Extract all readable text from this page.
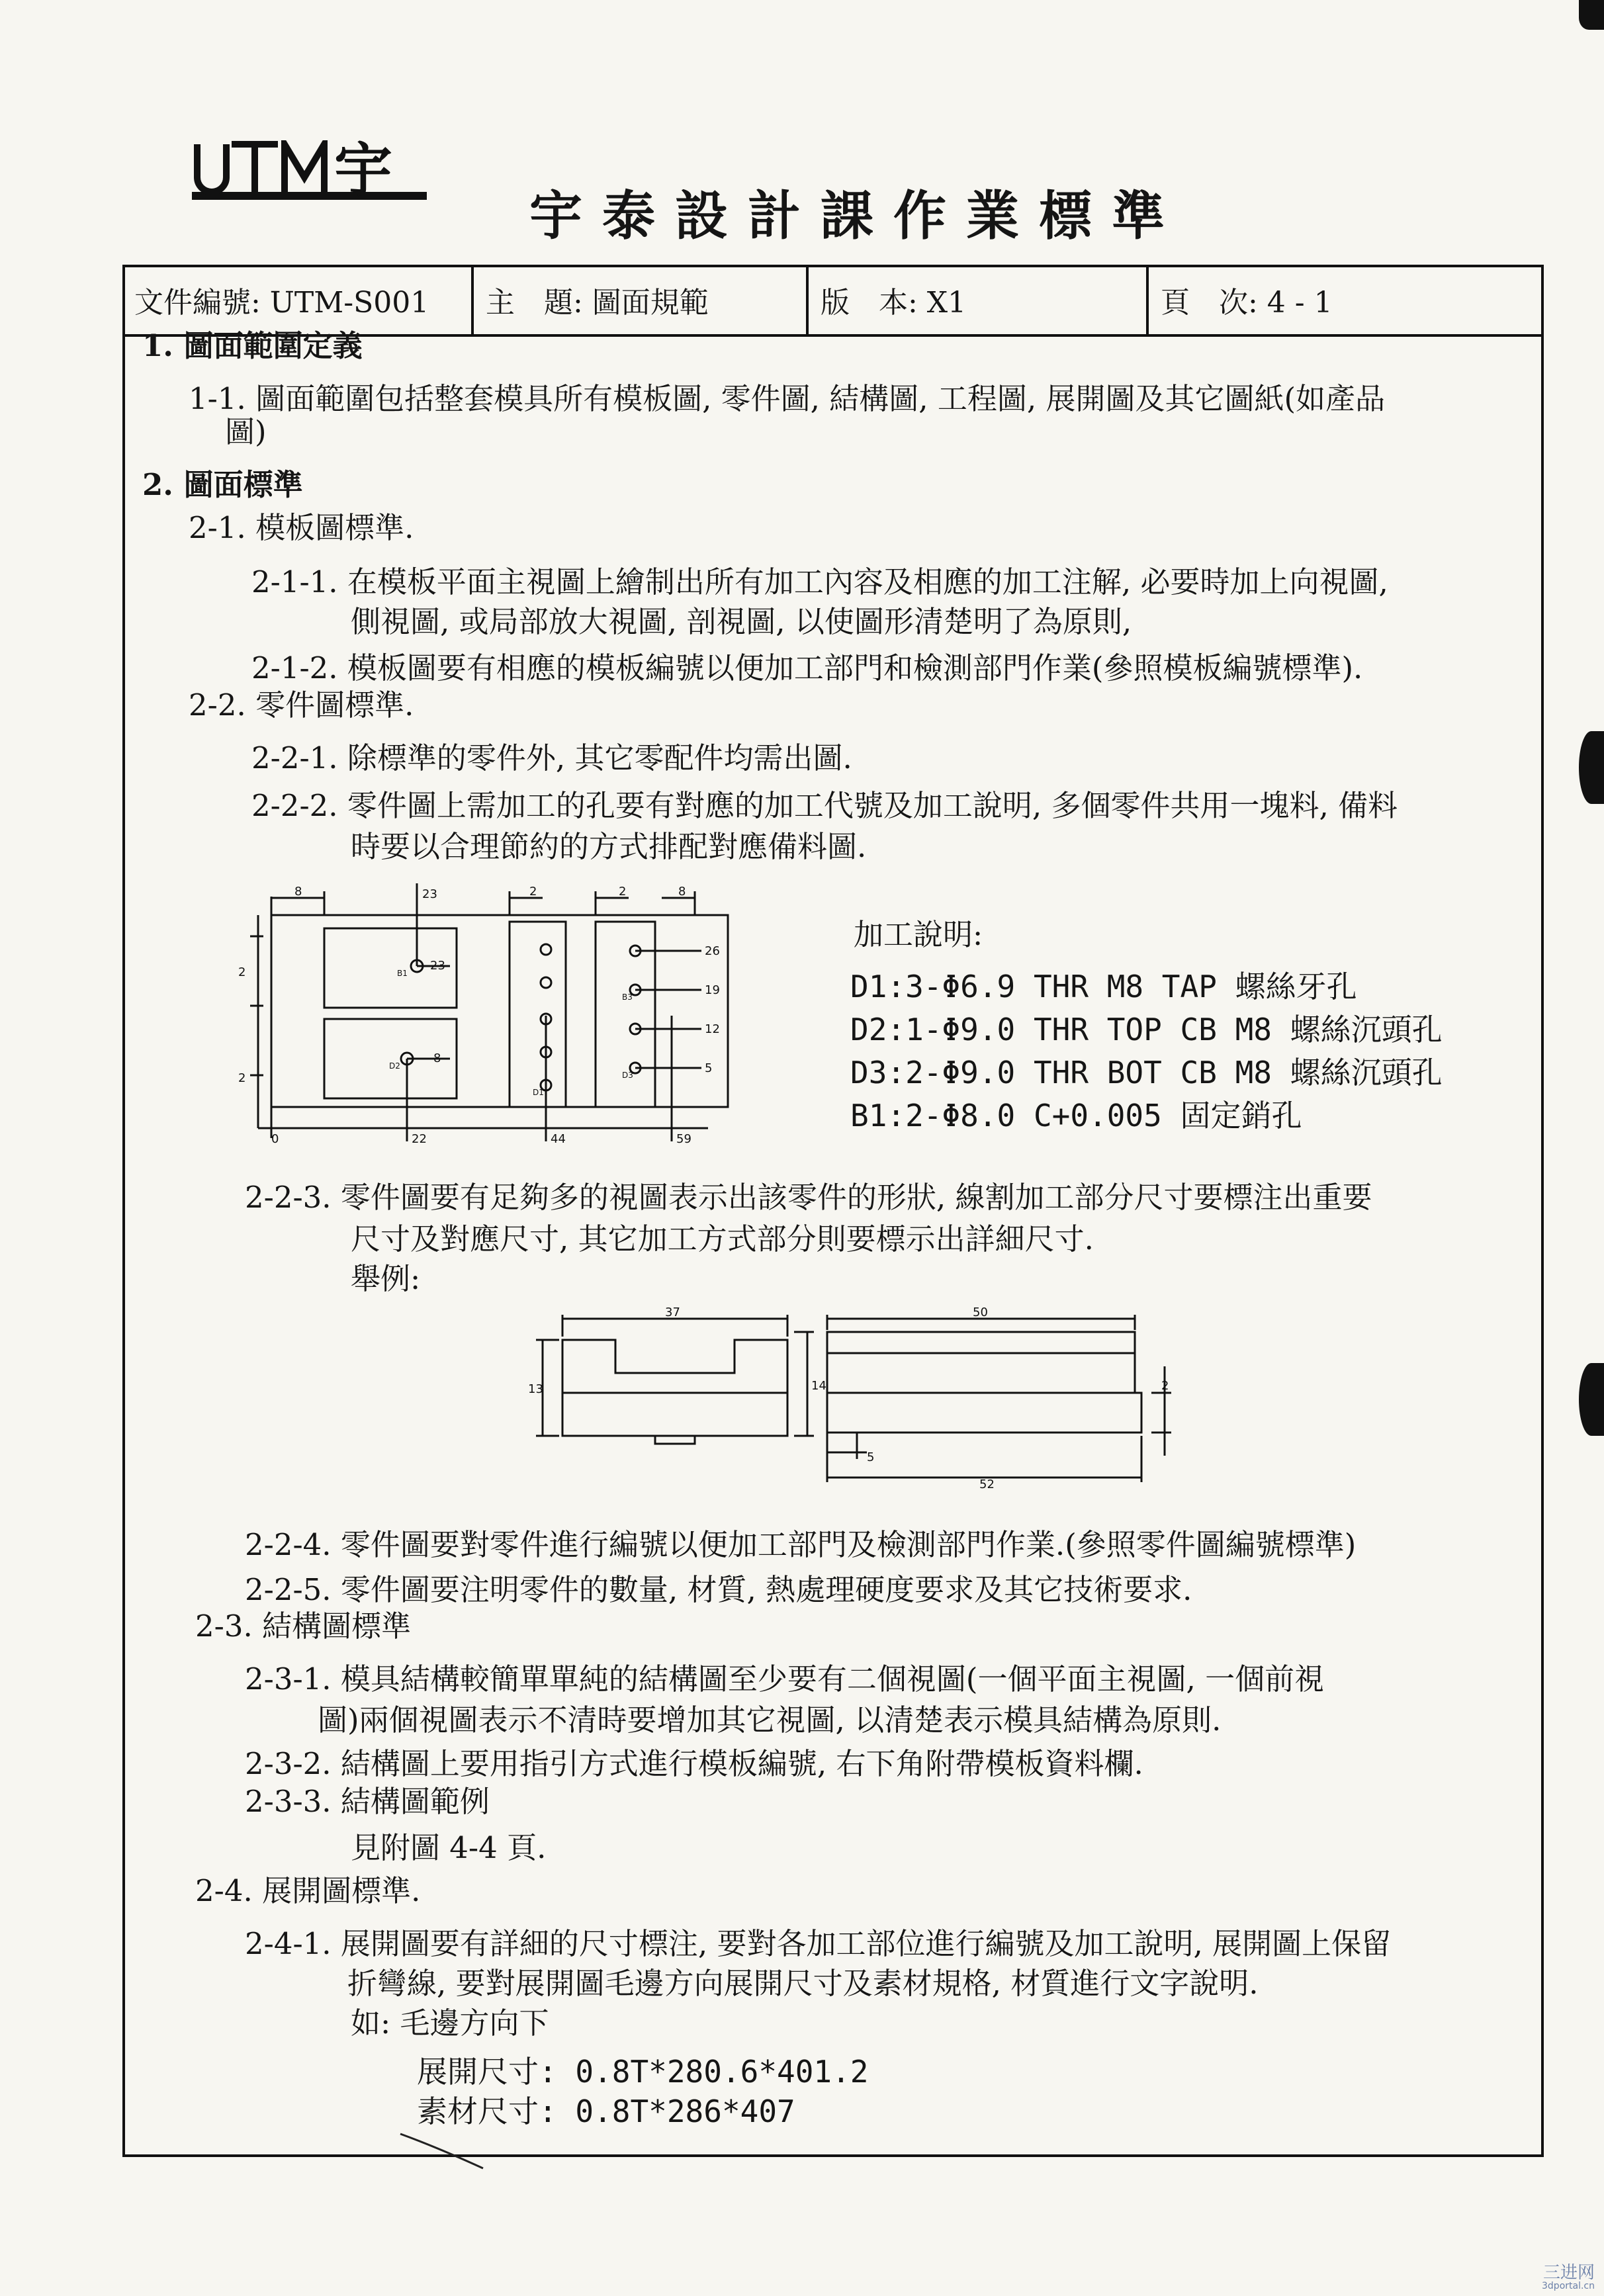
宇
宇泰設計課作業標準
文件編號: UTM-S001	主　題: 圖面規範	版　本: X1	頁　次: 4 - 1
1. 圖面範圍定義
1-1. 圖面範圍包括整套模具所有模板圖, 零件圖, 結構圖, 工程圖, 展開圖及其它圖紙(如產品
圖)
2. 圖面標準
2-1. 模板圖標準.
2-1-1. 在模板平面主視圖上繪制出所有加工內容及相應的加工注解, 必要時加上向視圖,
側視圖, 或局部放大視圖, 剖視圖, 以使圖形清楚明了為原則,
2-1-2. 模板圖要有相應的模板編號以便加工部門和檢測部門作業(參照模板編號標準).
2-2. 零件圖標準.
2-2-1. 除標準的零件外, 其它零配件均需出圖.
2-2-2. 零件圖上需加工的孔要有對應的加工代號及加工說明, 多個零件共用一塊料, 備料
時要以合理節約的方式排配對應備料圖.
8	23	2	2	8
2
2
0	22	44	59
26
19
12
5
23
8
B1
D2
D1
B3
D3
加工說明:
D1:3-Φ6.9 THR M8 TAP 螺絲牙孔
D2:1-Φ9.0 THR TOP CB M8 螺絲沉頭孔
D3:2-Φ9.0 THR BOT CB M8 螺絲沉頭孔
B1:2-Φ8.0 C+0.005 固定銷孔
2-2-3. 零件圖要有足夠多的視圖表示出該零件的形狀, 線割加工部分尺寸要標注出重要
尺寸及對應尺寸, 其它加工方式部分則要標示出詳細尺寸.
舉例:
37
13	14
50
5
52
2
2-2-4. 零件圖要對零件進行編號以便加工部門及檢測部門作業.(參照零件圖編號標準)
2-2-5. 零件圖要注明零件的數量, 材質, 熱處理硬度要求及其它技術要求.
2-3. 結構圖標準
2-3-1. 模具結構較簡單單純的結構圖至少要有二個視圖(一個平面主視圖, 一個前視
圖)兩個視圖表示不清時要增加其它視圖, 以清楚表示模具結構為原則.
2-3-2. 結構圖上要用指引方式進行模板編號, 右下角附帶模板資料欄.
2-3-3. 結構圖範例
見附圖 4-4 頁.
2-4. 展開圖標準.
2-4-1. 展開圖要有詳細的尺寸標注, 要對各加工部位進行編號及加工說明, 展開圖上保留
折彎線, 要對展開圖毛邊方向展開尺寸及素材規格, 材質進行文字說明.
如: 毛邊方向下
展開尺寸: 0.8T*280.6*401.2
素材尺寸: 0.8T*286*407
三进网
3dportal.cn
